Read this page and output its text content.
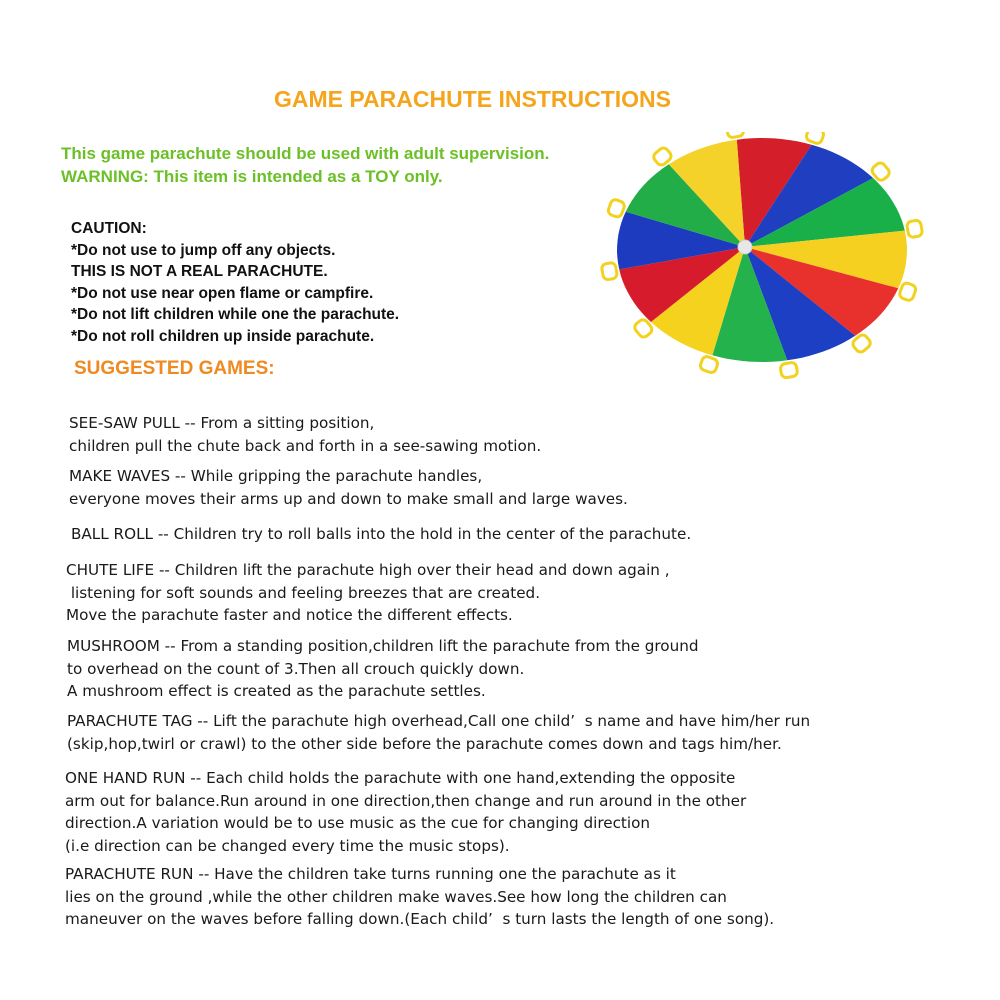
GAME PARACHUTE INSTRUCTIONS
This game parachute should be used with adult supervision.
WARNING: This item is intended as a TOY only.
CAUTION:
*Do not use to jump off any objects.
THIS IS NOT A REAL PARACHUTE.
*Do not use near open flame or campfire.
*Do not lift children while one the parachute.
*Do not roll children up inside parachute.
SUGGESTED GAMES:
SEE-SAW PULL -- From a sitting position,
children pull the chute back and forth in a see-sawing motion.
MAKE WAVES -- While gripping the parachute handles,
everyone moves their arms up and down to make small and large waves.
BALL ROLL -- Children try to roll balls into the hold in the center of the parachute.
CHUTE LIFE -- Children lift the parachute high over their head and down again ,
listening for soft sounds and feeling breezes that are created.
Move the parachute faster and notice the different effects.
MUSHROOM -- From a standing position,children lift the parachute from the ground
to overhead on the count of 3.Then all crouch quickly down.
A mushroom effect is created as the parachute settles.
PARACHUTE TAG -- Lift the parachute high overhead,Call one child’  s name and have him/her run
(skip,hop,twirl or crawl) to the other side before the parachute comes down and tags him/her.
ONE HAND RUN -- Each child holds the parachute with one hand,extending the opposite
arm out for balance.Run around in one direction,then change and run around in the other
direction.A variation would be to use music as the cue for changing direction
(i.e direction can be changed every time the music stops).
PARACHUTE RUN -- Have the children take turns running one the parachute as it
lies on the ground ,while the other children make waves.See how long the children can
maneuver on the waves before falling down.(Each child’  s turn lasts the length of one song).
